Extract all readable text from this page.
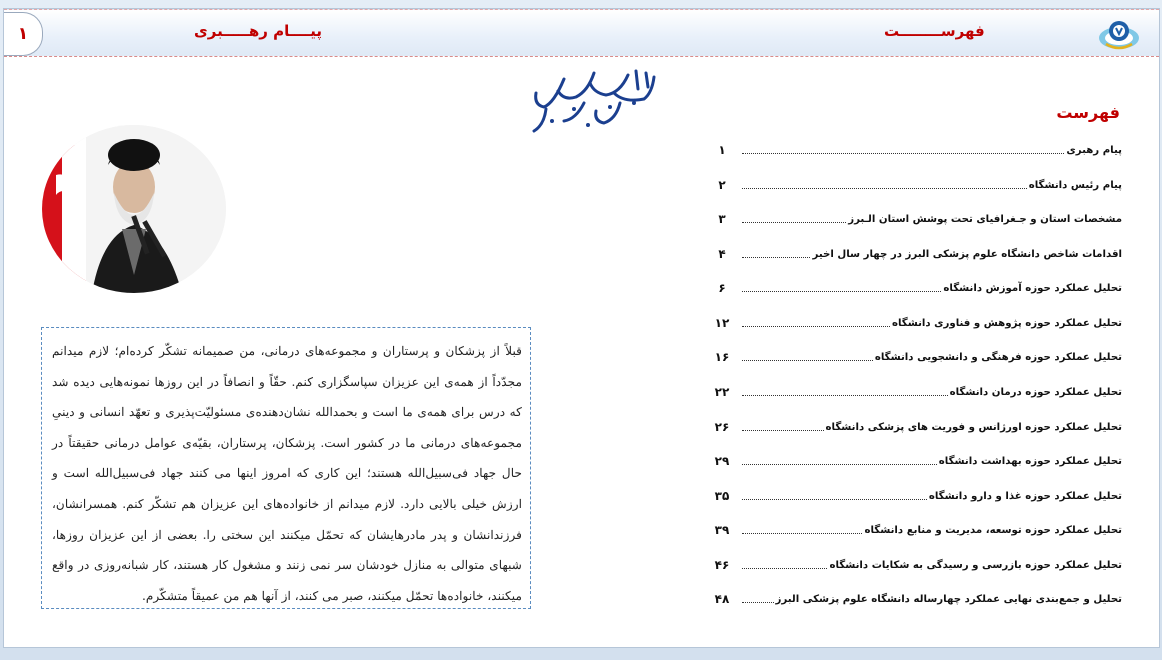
۱	پیــــام رهـــــبری	فهرســــــــت

قبلاً از پزشکان و پرستاران و مجموعه‌های درمانی، من صمیمانه تشکّر کرده‌ام؛ لازم میدانم مجدّداً از همه‌ی این عزیزان سپاسگزاری کنم. حقّاً و انصافاً در این روزها نمونه‌هایی دیده شد که درس برای همه‌ی ما است و بحمدالله نشان‌دهنده‌ی مسئولیّت‌پذیری و تعهّد انسانی و دینیِ مجموعه‌های درمانی ما در کشور است. پزشکان، پرستاران، بقیّه‌ی عوامل درمانی حقیقتاً در حال جهاد فی‌سبیل‌الله هستند؛ این کاری که امروز اینها می کنند جهاد فی‌سبیل‌الله است و ارزش خیلی بالایی دارد. لازم میدانم از خانواده‌های این عزیزان هم تشکّر کنم. همسرانشان، فرزندانشان و پدر مادرهایشان که تحمّل میکنند این سختی را. بعضی از این عزیزان روزها، شبهای متوالی به منازل خودشان سر نمی زنند و مشغول کار هستند، کار شبانه‌روزی در واقع میکنند، خانواده‌ها تحمّل میکنند، صبر می کنند، از آنها هم من عمیقاً متشکّرم.

فهرست
پیام رهبری
۱
پیام رئیس دانشگاه
۲
مشخصات استان و جـغرافیای تحت پوشش استان الـبرز
۳
اقدامات شاخص دانشگاه علوم پزشکی البرز در چهار سال اخیر
۴
تحلیل عملکرد حوزه آموزش دانشگاه
۶
تحلیل عملکرد حوزه پژوهش و فناوری دانشگاه
۱۲
تحلیل عملکرد حوزه فرهنگی و دانشجویی دانشگاه
۱۶
تحلیل عملکرد حوزه درمان دانشگاه
۲۲
تحلیل عملکرد حوزه اورژانس و فوریت های پزشکی دانشگاه
۲۶
تحلیل عملکرد حوزه بهداشت دانشگاه
۲۹
تحلیل عملکرد حوزه غذا و دارو دانشگاه
۳۵
تحلیل عملکرد حوزه توسعه، مدیریت و منابع دانشگاه
۳۹
تحلیل عملکرد حوزه بازرسی و رسیدگی به شکایات دانشگاه
۴۶
تحلیل و جمع‌بندی نهایی عملکرد چهارساله دانشگاه علوم پزشکی البرز
۴۸
